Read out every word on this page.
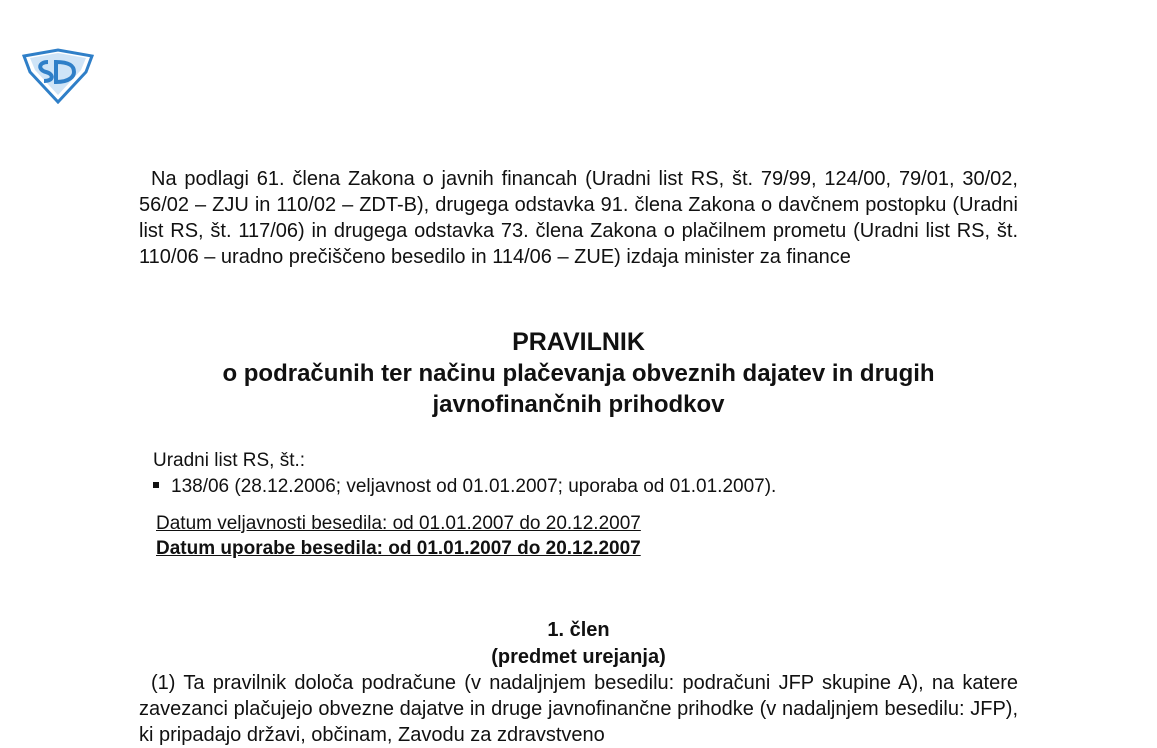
Na podlagi 61. člena Zakona o javnih financah (Uradni list RS, št. 79/99, 124/00, 79/01, 30/02, 56/02 – ZJU in 110/02 – ZDT-B), drugega odstavka 91. člena Zakona o davčnem postopku (Uradni list RS, št. 117/06) in drugega odstavka 73. člena Zakona o plačilnem prometu (Uradni list RS, št. 110/06 – uradno prečiščeno besedilo in 114/06 – ZUE) izdaja minister za finance

PRAVILNIK

o podračunih ter načinu plačevanja obveznih dajatev in drugih javnofinančnih prihodkov

Uradni list RS, št.:
138/06 (28.12.2006; veljavnost od 01.01.2007; uporaba od 01.01.2007).
Datum veljavnosti besedila: od 01.01.2007 do 20.12.2007
Datum uporabe besedila: od 01.01.2007 do 20.12.2007

1. člen

(predmet urejanja)

(1) Ta pravilnik določa podračune (v nadaljnjem besedilu: podračuni JFP skupine A), na katere zavezanci plačujejo obvezne dajatve in druge javnofinančne prihodke (v nadaljnjem besedilu: JFP), ki pripadajo državi, občinam, Zavodu za zdravstveno
